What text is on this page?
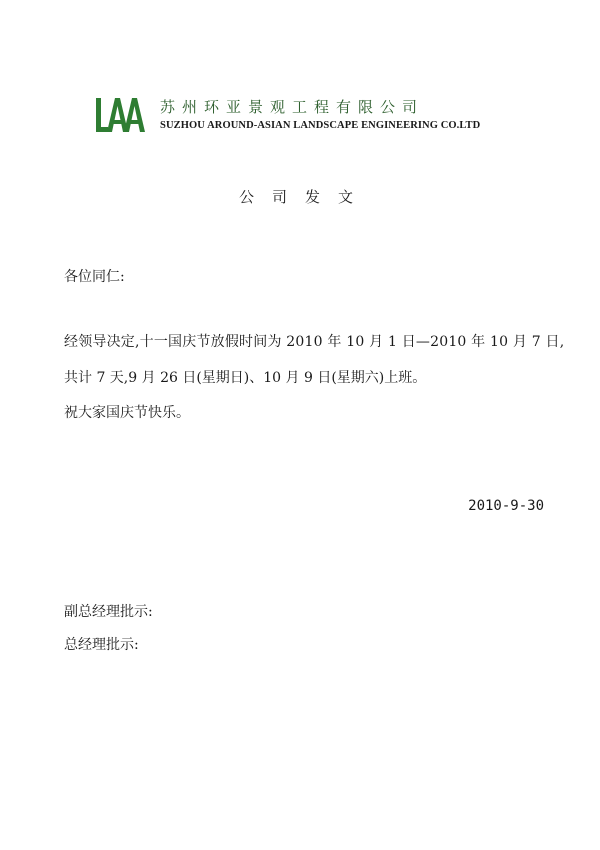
苏州环亚景观工程有限公司
SUZHOU AROUND-ASIAN LANDSCAPE ENGINEERING CO.LTD
公司发文
各位同仁:
经领导决定,十一国庆节放假时间为 2010 年 10 月 1 日—2010 年 10 月 7 日,
共计 7 天,9 月 26 日(星期日)、10 月 9 日(星期六)上班。
祝大家国庆节快乐。
2010-9-30
副总经理批示:
总经理批示:
